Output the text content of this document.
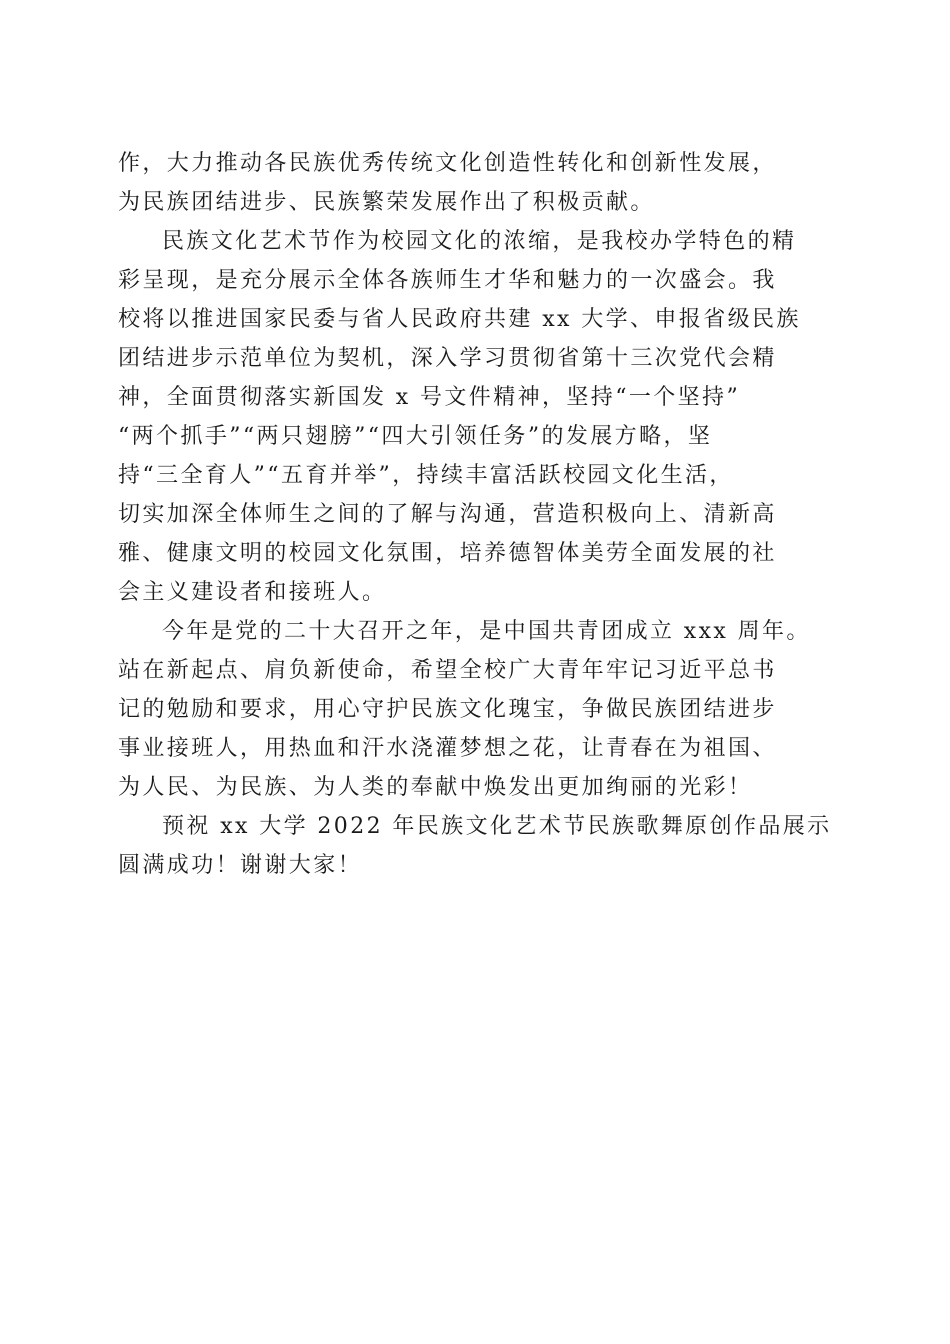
作，大力推动各民族优秀传统文化创造性转化和创新性发展，
为民族团结进步、民族繁荣发展作出了积极贡献。
民族文化艺术节作为校园文化的浓缩，是我校办学特色的精
彩呈现，是充分展示全体各族师生才华和魅力的一次盛会。我
校将以推进国家民委与省人民政府共建 xx 大学、申报省级民族
团结进步示范单位为契机，深入学习贯彻省第十三次党代会精
神，全面贯彻落实新国发 x 号文件精神，坚持“一个坚持”
“两个抓手”“两只翅膀”“四大引领任务”的发展方略，坚
持“三全育人”“五育并举”，持续丰富活跃校园文化生活，
切实加深全体师生之间的了解与沟通，营造积极向上、清新高
雅、健康文明的校园文化氛围，培养德智体美劳全面发展的社
会主义建设者和接班人。
今年是党的二十大召开之年，是中国共青团成立 xxx 周年。
站在新起点、肩负新使命，希望全校广大青年牢记习近平总书
记的勉励和要求，用心守护民族文化瑰宝，争做民族团结进步
事业接班人，用热血和汗水浇灌梦想之花，让青春在为祖国、
为人民、为民族、为人类的奉献中焕发出更加绚丽的光彩！
预祝 xx 大学 2022 年民族文化艺术节民族歌舞原创作品展示
圆满成功！谢谢大家！
